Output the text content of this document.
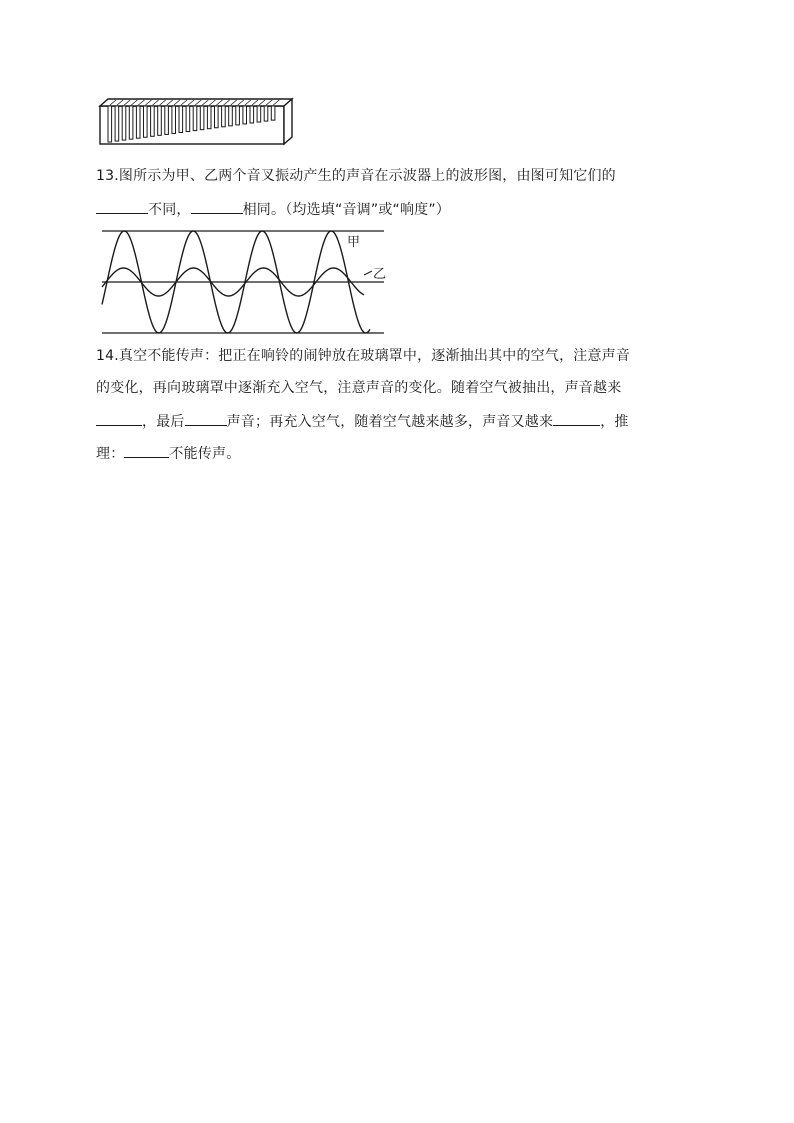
甲
乙
13.图所示为甲、乙两个音叉振动产生的声音在示波器上的波形图，由图可知它们的
不同，	相同。（均选填“音调”或“响度”）
14.真空不能传声：把正在响铃的闹钟放在玻璃罩中，逐渐抽出其中的空气，注意声音
的变化，再向玻璃罩中逐渐充入空气，注意声音的变化。随着空气被抽出，声音越来
，最后	声音；再充入空气，随着空气越来越多，声音又越来	，推
理：	不能传声。
